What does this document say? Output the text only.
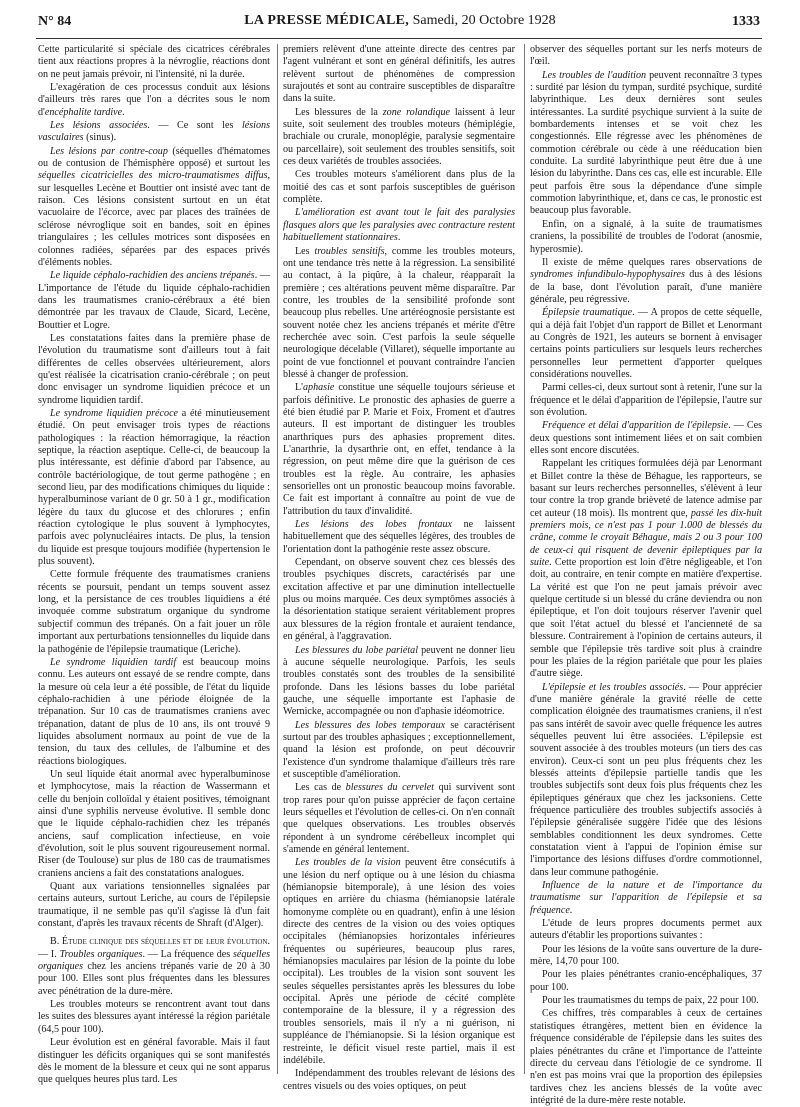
N° 84	LA PRESSE MÉDICALE, Samedi, 20 Octobre 1928	1333

Cette particularité si spéciale des cicatrices cérébrales tient aux réactions propres à la névroglie, réactions dont on ne peut jamais prévoir, ni l'intensité, ni la durée.

L'exagération de ces processus conduit aux lésions d'ailleurs très rares que l'on a décrites sous le nom d'encéphalite tardive.

Les lésions associées. — Ce sont les lésions vasculaires (sinus).

Les lésions par contre-coup (séquelles d'hématomes ou de contusion de l'hémisphère opposé) et surtout les séquelles cicatricielles des micro-traumatismes diffus, sur lesquelles Lecène et Bouttier ont insisté avec tant de raison. Ces lésions consistent surtout en un état vacuolaire de l'écorce, avec par places des traînées de sclérose névroglique soit en bandes, soit en épines triangulaires ; les cellules motrices sont disposées en colonnes radiées, séparées par des espaces privés d'éléments nobles.

Le liquide céphalo-rachidien des anciens trépanés. — L'importance de l'étude du liquide céphalo-rachidien dans les traumatismes cranio-cérébraux a été bien démontrée par les travaux de Claude, Sicard, Lecène, Bouttier et Logre.

Les constatations faites dans la première phase de l'évolution du traumatisme sont d'ailleurs tout à fait différentes de celles observées ultérieurement, alors qu'est réalisée la cicatrisation cranio-cérébrale ; on peut donc envisager un syndrome liquidien précoce et un syndrome liquidien tardif.

Le syndrome liquidien précoce a été minutieusement étudié. On peut envisager trois types de réactions pathologiques : la réaction hémorragique, la réaction septique, la réaction aseptique. Celle-ci, de beaucoup la plus intéressante, est définie d'abord par l'absence, au contrôle bactériologique, de tout germe pathogène ; en second lieu, par des modifications chimiques du liquide : hyperalbuminose variant de 0 gr. 50 à 1 gr., modification légère du taux du glucose et des chlorures ; enfin réaction cytologique le plus souvent à lymphocytes, parfois avec polynucléaires intacts. De plus, la tension du liquide est presque toujours modifiée (hypertension le plus souvent).

Cette formule fréquente des traumatismes craniens récents se poursuit, pendant un temps souvent assez long, et la persistance de ces troubles liquidiens a été invoquée comme substratum organique du syndrome subjectif commun des trépanés. On a fait jouer un rôle important aux perturbations tensionnelles du liquide dans la pathogénie de l'épilepsie traumatique (Leriche).

Le syndrome liquidien tardif est beaucoup moins connu. Les auteurs ont essayé de se rendre compte, dans la mesure où cela leur a été possible, de l'état du liquide céphalo-rachidien à une période éloignée de la trépanation. Sur 10 cas de traumatismes craniens avec trépanation, datant de plus de 10 ans, ils ont trouvé 9 liquides absolument normaux au point de vue de la tension, du taux des cellules, de l'albumine et des réactions biologiques.

Un seul liquide était anormal avec hyperalbuminose et lymphocytose, mais la réaction de Wassermann et celle du benjoin colloïdal y étaient positives, témoignant ainsi d'une syphilis nerveuse évolutive. Il semble donc que le liquide céphalo-rachidien chez les trépanés anciens, sauf complication infectieuse, en voie d'évolution, soit le plus souvent rigoureusement normal. Riser (de Toulouse) sur plus de 180 cas de traumatismes craniens anciens a fait des constatations analogues.

Quant aux variations tensionnelles signalées par certains auteurs, surtout Leriche, au cours de l'épilepsie traumatique, il ne semble pas qu'il s'agisse là d'un fait constant, d'après les travaux récents de Shraft (d'Alger).

B. Étude clinique des séquelles et de leur évolution. — I. Troubles organiques. — La fréquence des séquelles organiques chez les anciens trépanés varie de 20 à 30 pour 100. Elles sont plus fréquentes dans les blessures avec pénétration de la dure-mère.

Les troubles moteurs se rencontrent avant tout dans les suites des blessures ayant intéressé la région pariétale (64,5 pour 100).

Leur évolution est en général favorable. Mais il faut distinguer les déficits organiques qui se sont manifestés dès le moment de la blessure et ceux qui ne sont apparus que quelques heures plus tard. Les

premiers relèvent d'une atteinte directe des centres par l'agent vulnérant et sont en général définitifs, les autres relèvent surtout de phénomènes de compression surajoutés et sont au contraire susceptibles de disparaître dans la suite.

Les blessures de la zone rolandique laissent à leur suite, soit seulement des troubles moteurs (hémiplégie, brachiale ou crurale, monoplégie, paralysie segmentaire ou parcellaire), soit seulement des troubles sensitifs, soit ces deux variétés de troubles associées.

Ces troubles moteurs s'améliorent dans plus de la moitié des cas et sont parfois susceptibles de guérison complète.

L'amélioration est avant tout le fait des paralysies flasques alors que les paralysies avec contracture restent habituellement stationnaires.

Les troubles sensitifs, comme les troubles moteurs, ont une tendance très nette à la régression. La sensibilité au contact, à la piqûre, à la chaleur, réapparaît la première ; ces altérations peuvent même disparaître. Par contre, les troubles de la sensibilité profonde sont beaucoup plus rebelles. Une artéréognosie persistante est souvent notée chez les anciens trépanés et mérite d'être recherchée avec soin. C'est parfois la seule séquelle neurologique décelable (Villaret), séquelle importante au point de vue fonctionnel et pouvant contraindre l'ancien blessé à changer de profession.

L'aphasie constitue une séquelle toujours sérieuse et parfois définitive. Le pronostic des aphasies de guerre a été bien étudié par P. Marie et Foix, Froment et d'autres auteurs. Il est important de distinguer les troubles anarthriques purs des aphasies proprement dites. L'anarthrie, la dysarthrie ont, en effet, tendance à la régression, on peut même dire que la guérison de ces troubles est la règle. Au contraire, les aphasies sensorielles ont un pronostic beaucoup moins favorable. Ce fait est important à connaître au point de vue de l'attribution du taux d'invalidité.

Les lésions des lobes frontaux ne laissent habituellement que des séquelles légères, des troubles de l'orientation dont la pathogénie reste assez obscure.

Cependant, on observe souvent chez ces blessés des troubles psychiques discrets, caractérisés par une excitation affective et par une diminution intellectuelle plus ou moins marquée. Ces deux symptômes associés à la désorientation statique seraient véritablement propres aux blessures de la région frontale et auraient tendance, en général, à l'aggravation.

Les blessures du lobe pariétal peuvent ne donner lieu à aucune séquelle neurologique. Parfois, les seuls troubles constatés sont des troubles de la sensibilité profonde. Dans les lésions basses du lobe pariétal gauche, une séquelle importante est l'aphasie de Wernicke, accompagnée ou non d'aphasie idéomotrice.

Les blessures des lobes temporaux se caractérisent surtout par des troubles aphasiques ; exceptionnellement, quand la lésion est profonde, on peut découvrir l'existence d'un syndrome thalamique d'ailleurs très rare et susceptible d'amélioration.

Les cas de blessures du cervelet qui survivent sont trop rares pour qu'on puisse apprécier de façon certaine leurs séquelles et l'évolution de celles-ci. On n'en connaît que quelques observations. Les troubles observés répondent à un syndrome cérébelleux incomplet qui s'amende en général lentement.

Les troubles de la vision peuvent être consécutifs à une lésion du nerf optique ou à une lésion du chiasma (hémianopsie bitemporale), à une lésion des voies optiques en arrière du chiasma (hémianopsie latérale homonyme complète ou en quadrant), enfin à une lésion directe des centres de la vision ou des voies optiques occipitales (hémianopsies horizontales inférieures fréquentes ou supérieures, beaucoup plus rares, hémianopsies maculaires par lésion de la pointe du lobe occipital). Les troubles de la vision sont souvent les seules séquelles persistantes après les blessures du lobe occipital. Après une période de cécité complète contemporaine de la blessure, il y a régression des troubles sensoriels, mais il n'y a ni guérison, ni suppléance de l'hémianopsie. Si la lésion organique est restreinte, le déficit visuel reste partiel, mais il est indélébile.

Indépendamment des troubles relevant de lésions des centres visuels ou des voies optiques, on peut

observer des séquelles portant sur les nerfs moteurs de l'œil.

Les troubles de l'audition peuvent reconnaître 3 types : surdité par lésion du tympan, surdité psychique, surdité labyrinthique. Les deux dernières sont seules intéressantes. La surdité psychique survient à la suite de bombardements intenses et se voit chez les congestionnés. Elle régresse avec les phénomènes de commotion cérébrale ou cède à une rééducation bien conduite. La surdité labyrinthique peut être due à une lésion du labyrinthe. Dans ces cas, elle est incurable. Elle peut parfois être sous la dépendance d'une simple commotion labyrinthique, et, dans ce cas, le pronostic est beaucoup plus favorable.

Enfin, on a signalé, à la suite de traumatismes craniens, la possibilité de troubles de l'odorat (anosmie, hyperosmie).

Il existe de même quelques rares observations de syndromes infundibulo-hypophysaires dus à des lésions de la base, dont l'évolution paraît, d'une manière générale, peu régressive.

Épilepsie traumatique. — A propos de cette séquelle, qui a déjà fait l'objet d'un rapport de Billet et Lenormant au Congrès de 1921, les auteurs se bornent à envisager certains points particuliers sur lesquels leurs recherches personnelles leur permettent d'apporter quelques considérations nouvelles.

Parmi celles-ci, deux surtout sont à retenir, l'une sur la fréquence et le délai d'apparition de l'épilepsie, l'autre sur son évolution.

Fréquence et délai d'apparition de l'épilepsie. — Ces deux questions sont intimement liées et on sait combien elles sont encore discutées.

Rappelant les critiques formulées déjà par Lenormant et Billet contre la thèse de Béhague, les rapporteurs, se basant sur leurs recherches personnelles, s'élèvent à leur tour contre la trop grande brièveté de latence admise par cet auteur (18 mois). Ils montrent que, passé les dix-huit premiers mois, ce n'est pas 1 pour 1.000 de blessés du crâne, comme le croyait Béhague, mais 2 ou 3 pour 100 de ceux-ci qui risquent de devenir épileptiques par la suite. Cette proportion est loin d'être négligeable, et l'on doit, au contraire, en tenir compte en matière d'expertise. La vérité est que l'on ne peut jamais prévoir avec quelque certitude si un blessé du crâne deviendra ou non épileptique, et l'on doit toujours réserver l'avenir quel que soit l'état actuel du blessé et l'ancienneté de sa blessure. Contrairement à l'opinion de certains auteurs, il semble que l'épilepsie très tardive soit plus à craindre pour les plaies de la région pariétale que pour les plaies d'autre siège.

L'épilepsie et les troubles associés. — Pour apprécier d'une manière générale la gravité réelle de cette complication éloignée des traumatismes craniens, il n'est pas sans intérêt de savoir avec quelle fréquence les autres séquelles peuvent lui être associées. L'épilepsie est souvent associée à des troubles moteurs (un tiers des cas environ). Ceux-ci sont un peu plus fréquents chez les blessés atteints d'épilepsie partielle tandis que les troubles subjectifs sont deux fois plus fréquents chez les épileptiques généraux que chez les jacksoniens. Cette fréquence particulière des troubles subjectifs associés à l'épilepsie généralisée suggère l'idée que des lésions semblables conditionnent les deux syndromes. Cette constatation vient à l'appui de l'opinion émise sur l'importance des lésions diffuses d'ordre commotionnel, dans leur commune pathogénie.

Influence de la nature et de l'importance du traumatisme sur l'apparition de l'épilepsie et sa fréquence.

L'étude de leurs propres documents permet aux auteurs d'établir les proportions suivantes :

Pour les lésions de la voûte sans ouverture de la dure-mère, 14,70 pour 100.

Pour les plaies pénétrantes cranio-encéphaliques, 37 pour 100.

Pour les traumatismes du temps de paix, 22 pour 100.

Ces chiffres, très comparables à ceux de certaines statistiques étrangères, mettent bien en évidence la fréquence considérable de l'épilepsie dans les suites des plaies pénétrantes du crâne et l'importance de l'atteinte directe du cerveau dans l'étiologie de ce syndrome. Il n'en est pas moins vrai que la proportion des épilepsies tardives chez les anciens blessés de la voûte avec intégrité de la dure-mère reste notable.
